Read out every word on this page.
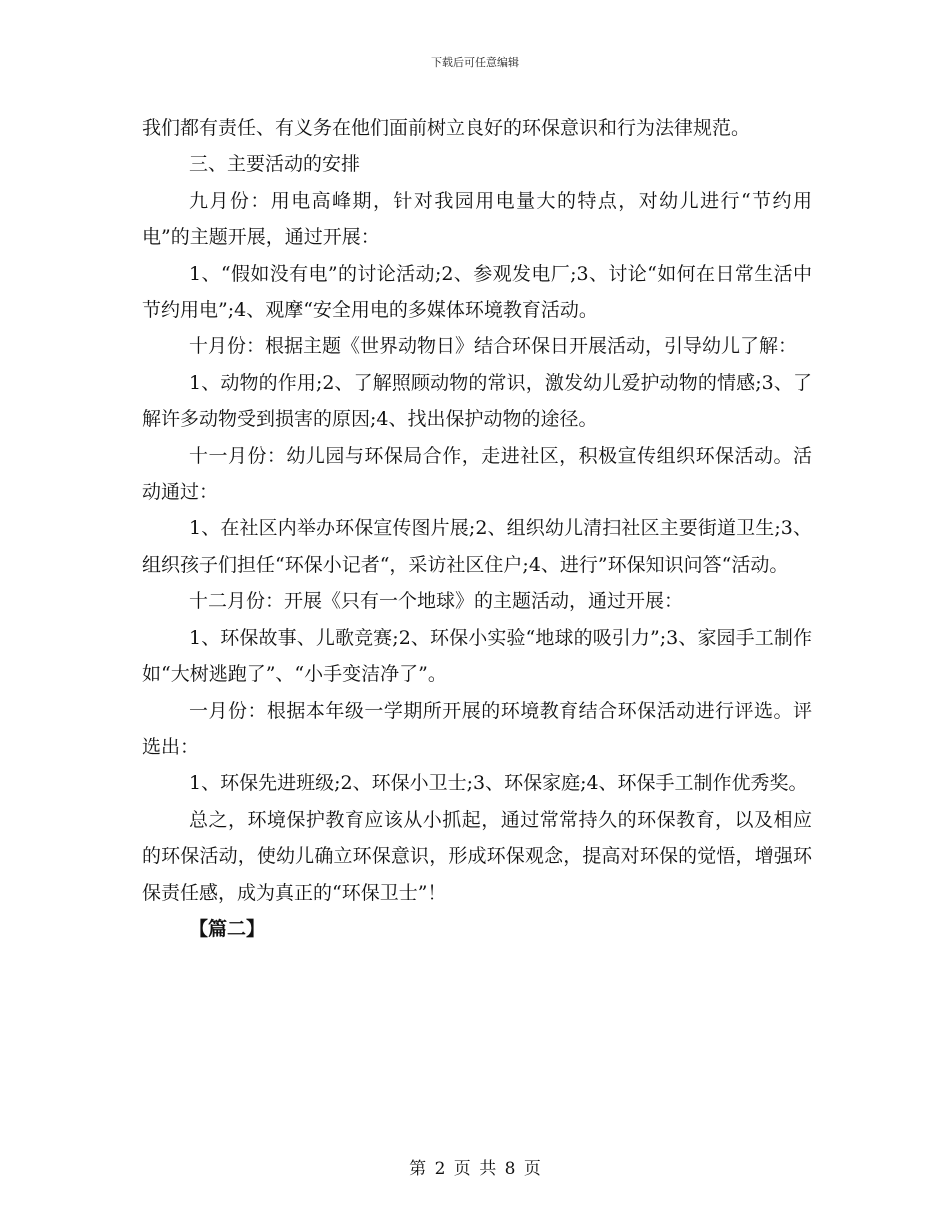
下载后可任意编辑

我们都有责任、有义务在他们面前树立良好的环保意识和行为法律规范。

三、主要活动的安排

九月份：用电高峰期，针对我园用电量大的特点，对幼儿进行“节约用电”的主题开展，通过开展：

1、“假如没有电”的讨论活动;2、参观发电厂;3、讨论“如何在日常生活中节约用电”;4、观摩“安全用电的多媒体环境教育活动。

十月份：根据主题《世界动物日》结合环保日开展活动，引导幼儿了解：

1、动物的作用;2、了解照顾动物的常识，激发幼儿爱护动物的情感;3、了解许多动物受到损害的原因;4、找出保护动物的途径。

十一月份：幼儿园与环保局合作，走进社区，积极宣传组织环保活动。活动通过：

1、在社区内举办环保宣传图片展;2、组织幼儿清扫社区主要街道卫生;3、组织孩子们担任“环保小记者“，采访社区住户;4、进行”环保知识问答“活动。

十二月份：开展《只有一个地球》的主题活动，通过开展：

1、环保故事、儿歌竞赛;2、环保小实验“地球的吸引力”;3、家园手工制作如“大树逃跑了”、“小手变洁净了”。

一月份：根据本年级一学期所开展的环境教育结合环保活动进行评选。评选出：

1、环保先进班级;2、环保小卫士;3、环保家庭;4、环保手工制作优秀奖。

总之，环境保护教育应该从小抓起，通过常常持久的环保教育，以及相应的环保活动，使幼儿确立环保意识，形成环保观念，提高对环保的觉悟，增强环保责任感，成为真正的“环保卫士”！

【篇二】

第 2 页 共 8 页
